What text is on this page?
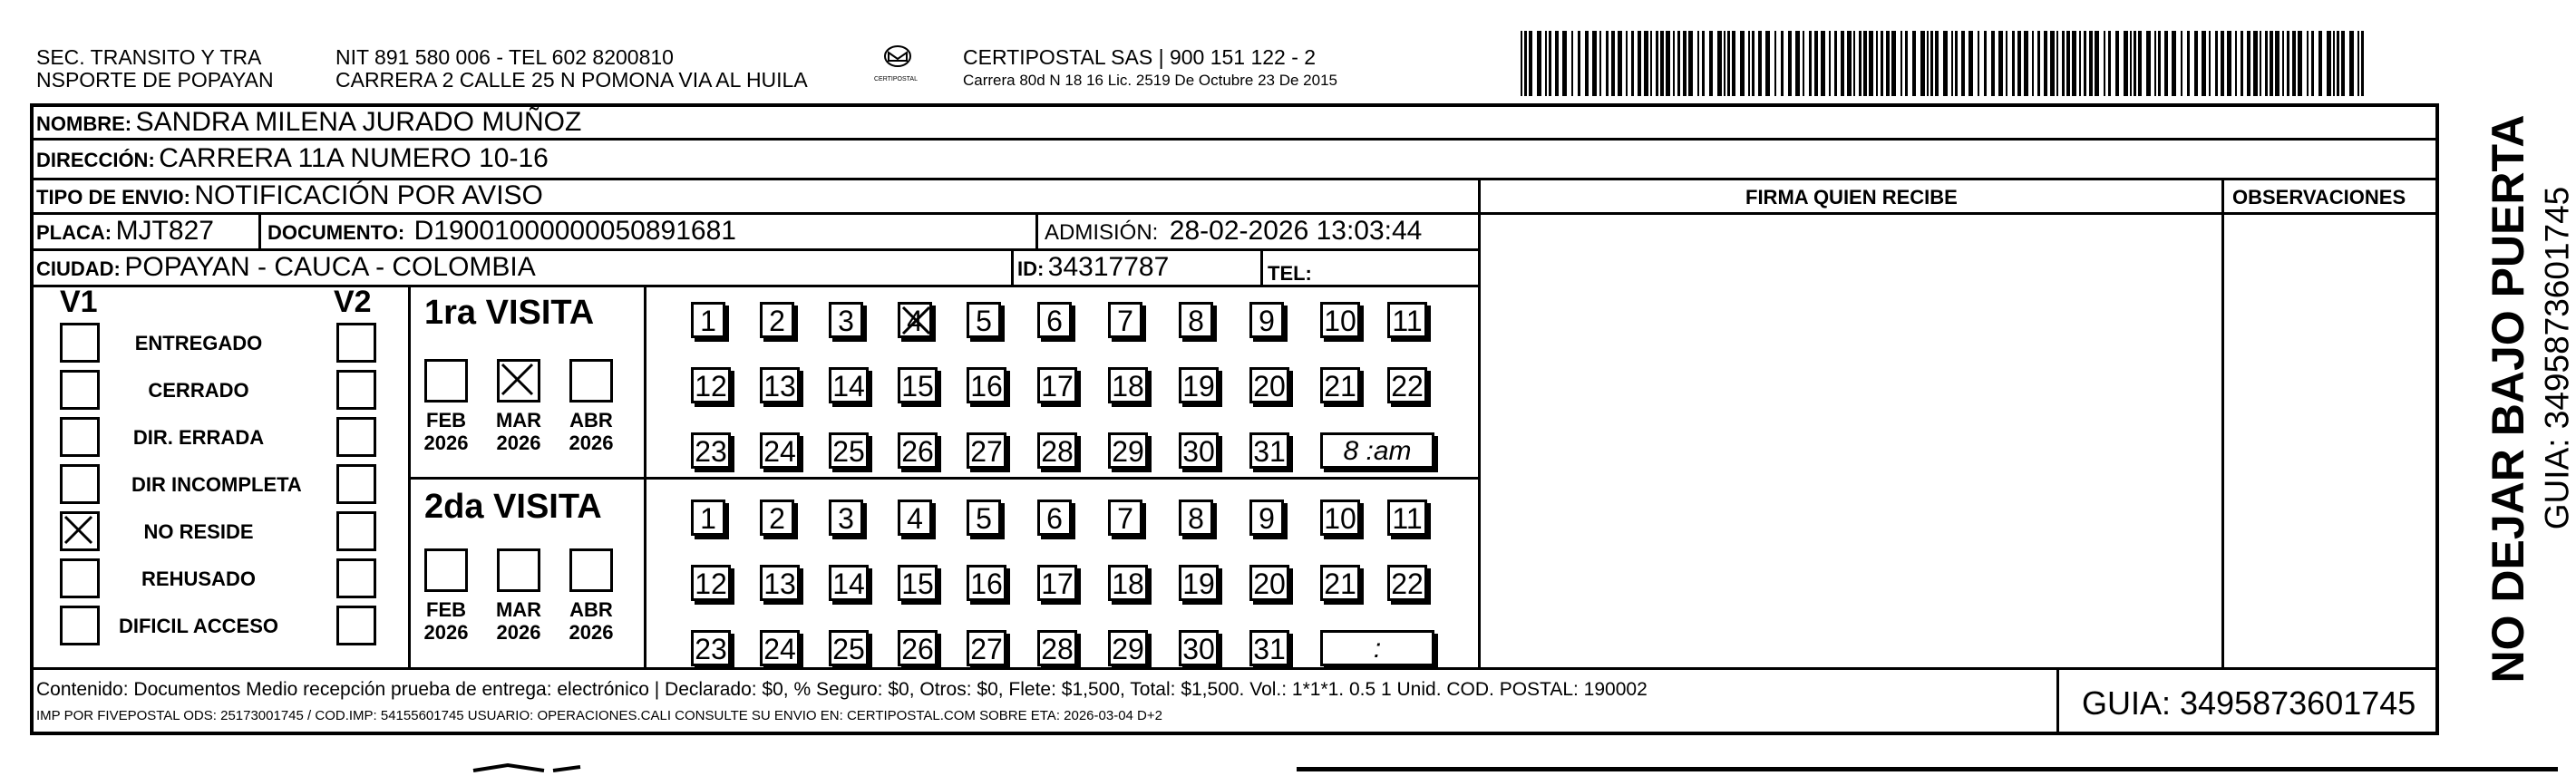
SEC. TRANSITO Y TRA
NSPORTE DE POPAYAN
NIT 891 580 006 - TEL 602 8200810
CARRERA 2 CALLE 25 N POMONA VIA AL HUILA	CERTIPOSTAL
CERTIPOSTAL SAS | 900 151 122 - 2
Carrera 80d N 18 16 Lic. 2519 De Octubre 23 De 2015
NOMBRE: SANDRA MILENA JURADO MUÑOZ
DIRECCIÓN: CARRERA 11A NUMERO 10-16
TIPO DE ENVIO: NOTIFICACIÓN POR AVISO
PLACA: MJT827	DOCUMENTO: D19001000000050891681	ADMISIÓN: 28-02-2026 13:03:44
CIUDAD: POPAYAN - CAUCA - COLOMBIA	ID: 34317787	TEL:
FIRMA QUIEN RECIBE	OBSERVACIONES
V1	V2
ENTREGADO
CERRADO
DIR. ERRADA
DIR INCOMPLETA
NO RESIDE
REHUSADO
DIFICIL ACCESO
1ra VISITA
2da VISITA
FEB
2026
MAR
2026
ABR
2026
FEB
2026
MAR
2026
ABR
2026
1	2	3	4	5	6	7	8	9	10 11
12 13 14 15 16 17 18 19 20 21 22
23 24 25 26 27 28 29 30 31	8 :am
1	2	3	4	5	6	7	8	9	10 11
12 13 14 15 16 17 18 19 20 21 22
23 24 25 26 27 28 29 30 31	:
Contenido: Documentos Medio recepción prueba de entrega: electrónico | Declarado: $0, % Seguro: $0, Otros: $0, Flete: $1,500, Total: $1,500. Vol.: 1*1*1. 0.5 1 Unid. COD. POSTAL: 190002
IMP POR FIVEPOSTAL ODS: 25173001745 / COD.IMP: 54155601745 USUARIO: OPERACIONES.CALI CONSULTE SU ENVIO EN: CERTIPOSTAL.COM SOBRE ETA: 2026-03-04 D+2	GUIA: 3495873601745
NO DEJAR BAJO PUERTA GUIA: 3495873601745
